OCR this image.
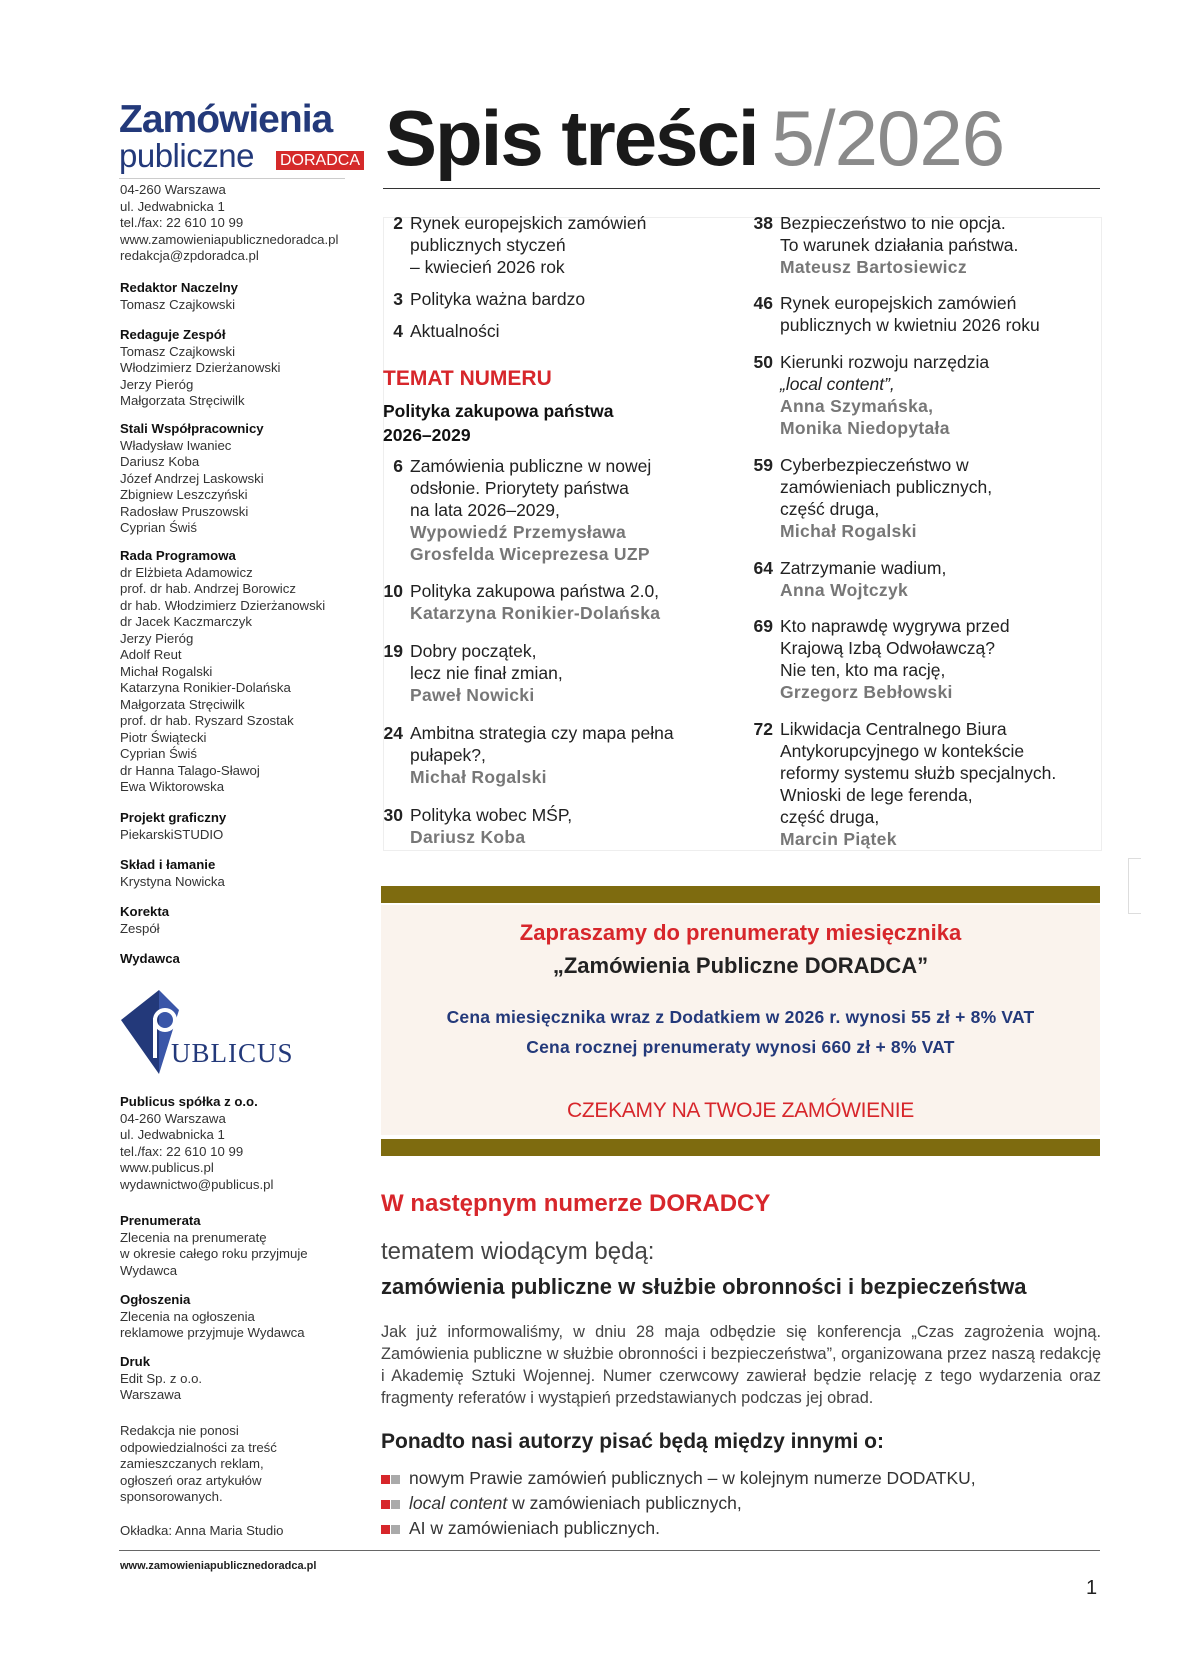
Zamówienia
publiczne DORADCA
04-260 Warszawa
ul. Jedwabnicka 1
tel./fax: 22 610 10 99
www.zamowieniapublicznedoradca.pl
redakcja@zpdoradca.pl
Redaktor Naczelny
Tomasz Czajkowski
Redaguje Zespół
Tomasz Czajkowski
Włodzimierz Dzierżanowski
Jerzy Pieróg
Małgorzata Stręciwilk
Stali Współpracownicy
Władysław Iwaniec
Dariusz Koba
Józef Andrzej Laskowski
Zbigniew Leszczyński
Radosław Pruszowski
Cyprian Świś
Rada Programowa
dr Elżbieta Adamowicz
prof. dr hab. Andrzej Borowicz
dr hab. Włodzimierz Dzierżanowski
dr Jacek Kaczmarczyk
Jerzy Pieróg
Adolf Reut
Michał Rogalski
Katarzyna Ronikier-Dolańska
Małgorzata Stręciwilk
prof. dr hab. Ryszard Szostak
Piotr Świątecki
Cyprian Świś
dr Hanna Talago-Sławoj
Ewa Wiktorowska
Projekt graficzny
PiekarskiSTUDIO
Skład i łamanie
Krystyna Nowicka
Korekta
Zespół
Wydawca
UBLICUS
Publicus spółka z o.o.
04-260 Warszawa
ul. Jedwabnicka 1
tel./fax: 22 610 10 99
www.publicus.pl
wydawnictwo@publicus.pl
Prenumerata
Zlecenia na prenumeratę
w okresie całego roku przyjmuje
Wydawca
Ogłoszenia
Zlecenia na ogłoszenia
reklamowe przyjmuje Wydawca
Druk
Edit Sp. z o.o.
Warszawa
Redakcja nie ponosi
odpowiedzialności za treść
zamieszczanych reklam,
ogłoszeń oraz artykułów
sponsorowanych.
Okładka: Anna Maria Studio
Spis treści 5/2026
2 Rynek europejskich zamówień
publicznych styczeń
– kwiecień 2026 rok
3 Polityka ważna bardzo
4 Aktualności
TEMAT NUMERU
Polityka zakupowa państwa
2026–2029
6 Zamówienia publiczne w nowej
odsłonie. Priorytety państwa
na lata 2026–2029,
Wypowiedź Przemysława
Grosfelda Wiceprezesa UZP
10 Polityka zakupowa państwa 2.0,
Katarzyna Ronikier-Dolańska
19 Dobry początek,
lecz nie finał zmian,
Paweł Nowicki
24 Ambitna strategia czy mapa pełna
pułapek?,
Michał Rogalski
30 Polityka wobec MŚP,
Dariusz Koba
38 Bezpieczeństwo to nie opcja.
To warunek działania państwa.
Mateusz Bartosiewicz
46 Rynek europejskich zamówień
publicznych w kwietniu 2026 roku
50 Kierunki rozwoju narzędzia
„local content”,
Anna Szymańska,
Monika Niedopytała
59 Cyberbezpieczeństwo w
zamówieniach publicznych,
część druga,
Michał Rogalski
64 Zatrzymanie wadium,
Anna Wojtczyk
69 Kto naprawdę wygrywa przed
Krajową Izbą Odwoławczą?
Nie ten, kto ma rację,
Grzegorz Bebłowski
72 Likwidacja Centralnego Biura
Antykorupcyjnego w kontekście
reformy systemu służb specjalnych.
Wnioski de lege ferenda,
część druga,
Marcin Piątek
Zapraszamy do prenumeraty miesięcznika
„Zamówienia Publiczne DORADCA”
Cena miesięcznika wraz z Dodatkiem w 2026 r. wynosi 55 zł + 8% VAT
Cena rocznej prenumeraty wynosi 660 zł + 8% VAT
CZEKAMY NA TWOJE ZAMÓWIENIE
W następnym numerze DORADCY
tematem wiodącym będą:
zamówienia publiczne w służbie obronności i bezpieczeństwa
Jak już informowaliśmy, w dniu 28 maja odbędzie się konferencja „Czas zagrożenia wojną. Zamówienia publiczne w służbie obronności i bezpieczeństwa”, organizowana przez naszą redakcję i Akademię Sztuki Wojennej. Numer czerwcowy zawierał będzie relację z tego wydarzenia oraz fragmenty referatów i wystąpień przedstawianych podczas jej obrad.
Ponadto nasi autorzy pisać będą między innymi o:
nowym Prawie zamówień publicznych – w kolejnym numerze DODATKU,
local content w zamówieniach publicznych,
AI w zamówieniach publicznych.
www.zamowieniapublicznedoradca.pl
1
